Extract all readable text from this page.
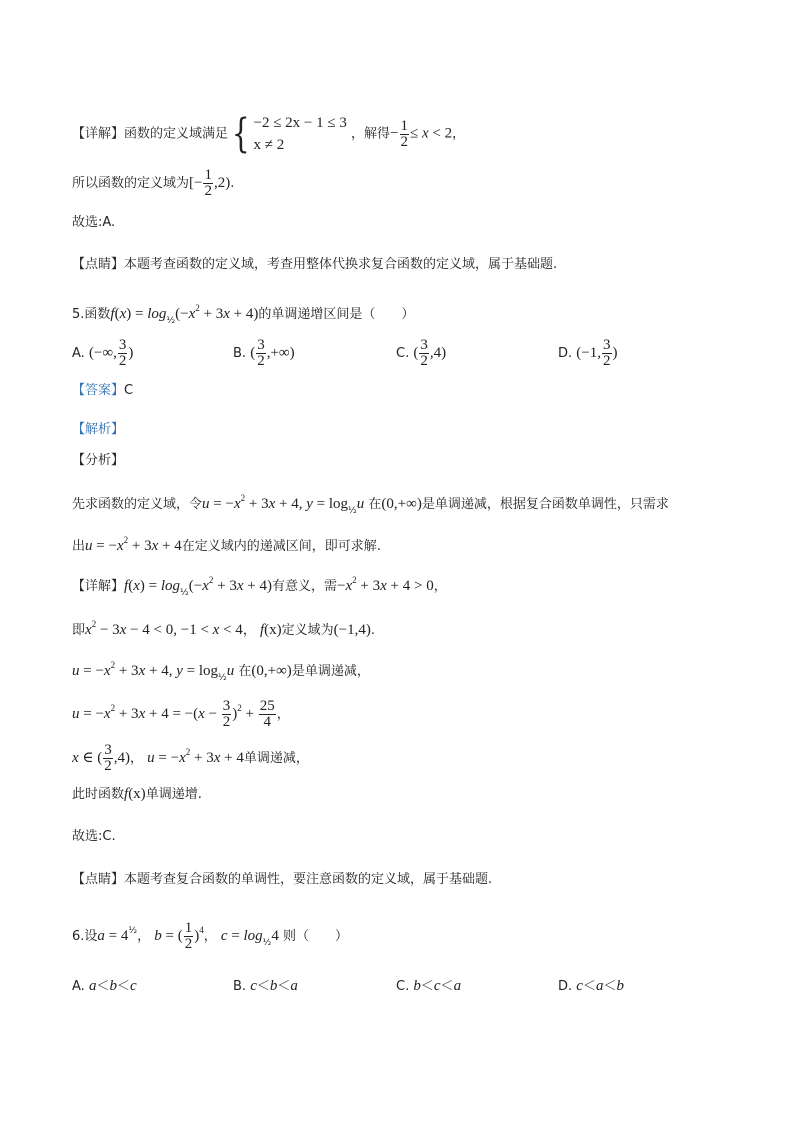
【详解】函数的定义域满足{ −2 ≤ 2x − 1 ≤ 3
x ≠ 2
，解得− $\frac{1}{2} \le x < 2$，
所以函数的定义域为[− $\frac{1}{2} ,2$).
故选:A.
【点睛】本题考查函数的定义域，考查用整体代换求复合函数的定义域，属于基础题.
5.函数$f(x) = \log_{\frac{1}{2}}(-x^2 + 3x + 4)$的单调递增区间是（　　）
A. (−∞, $\frac{3}{2}$ )	B. ( $\frac{3}{2}$ ,+∞)	C. ( $\frac{3}{2} ,4$)	D. (−1, $\frac{3}{2}$ )
【答案】C
【解析】
【分析】
先求函数的定义域，令$u = -x^2 + 3x + 4$, $y = \log_{\frac{1}{2}}u$ 在(0,+∞)是单调递减，根据复合函数单调性，只需求
出$u = -x^2 + 3x + 4$在定义域内的递减区间，即可求解.
【详解】$f(x) = \log_{\frac{1}{2}}(-x^2 + 3x + 4)$有意义，需$-x^2 + 3x + 4 > 0$，
即$x^2 - 3x - 4 < 0$, −1 < x < 4， f(x)定义域为(−1,4).
$u = -x^2 + 3x + 4$, $y = \log_{\frac{1}{2}}u$ 在(0,+∞)是单调递减，
$u = -x^2 + 3x + 4 = -(x - \frac{3}{2} )^2 + \frac{25}{4}$ ，
x ∈ ( $\frac{3}{2} ,4$)， $u = -x^2 + 3x + 4$单调递减，
此时函数f(x)单调递增.
故选:C.
【点睛】本题考查复合函数的单调性，要注意函数的定义域，属于基础题.
6.设$a = 4^{\frac{1}{2}}$， b = ( $\frac{1}{2} )^4$， $c = \log_{\frac{1}{2}}4$ 则（　　）
A. a＜b＜c	B. c＜b＜a	C. b＜c＜a	D. c＜a＜b
